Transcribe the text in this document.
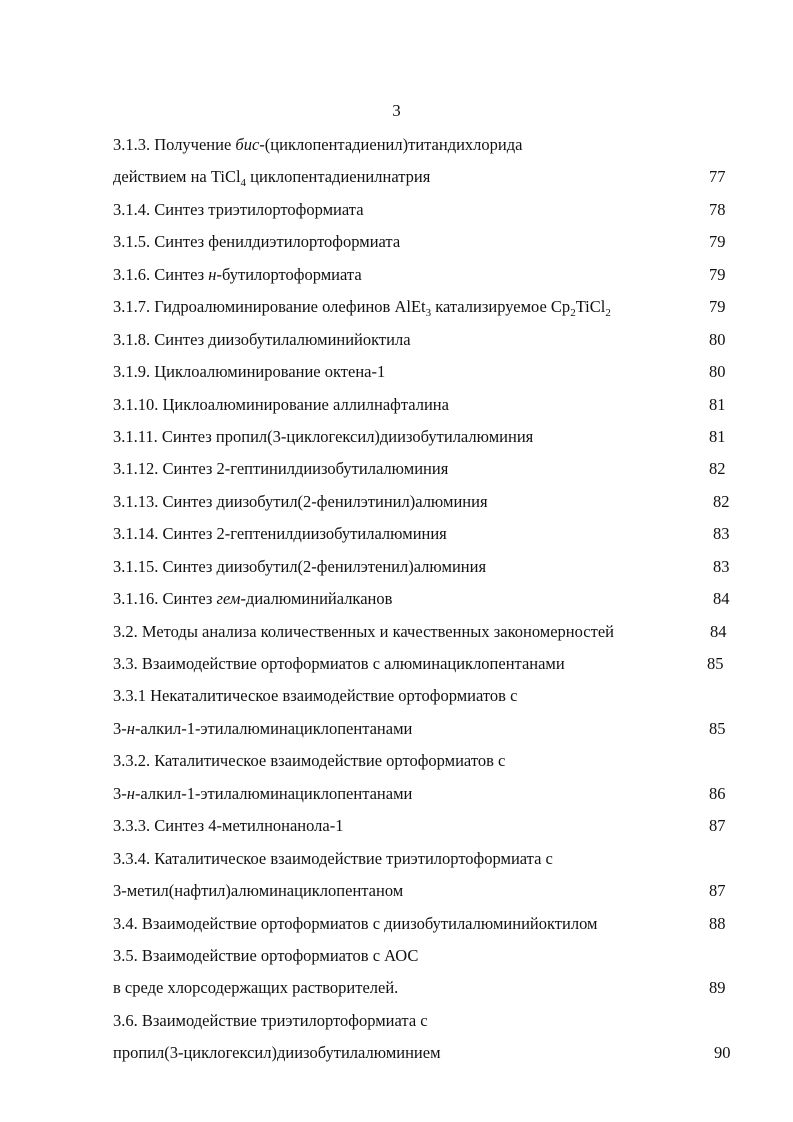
3
3.1.3. Получение бис-(циклопентадиенил)титандихлорида
действием на TiCl$_4$ циклопентадиенилнатрия	77
3.1.4. Синтез триэтилортоформиата	78
3.1.5. Синтез фенилдиэтилортоформиата	79
3.1.6. Синтез н-бутилортоформиата	79
3.1.7. Гидроалюминирование олефинов AlEt$_3$ катализируемое $Cp_2TiCl_2$	79
3.1.8. Синтез диизобутилалюминийоктила	80
3.1.9. Циклоалюминирование октена-1	80
3.1.10. Циклоалюминирование аллилнафталина	81
3.1.11. Синтез пропил(3-циклогексил)диизобутилалюминия	81
3.1.12. Синтез 2-гептинилдиизобутилалюминия	82
3.1.13. Синтез диизобутил(2-фенилэтинил)алюминия	82
3.1.14. Синтез 2-гептенилдиизобутилалюминия	83
3.1.15. Синтез диизобутил(2-фенилэтенил)алюминия	83
3.1.16. Синтез гем-диалюминийалканов	84
3.2. Методы анализа количественных и качественных закономерностей	84
3.3. Взаимодействие ортоформиатов с алюминациклопентанами	85
3.3.1 Некаталитическое взаимодействие ортоформиатов с
3-н-алкил-1-этилалюминациклопентанами	85
3.3.2. Каталитическое взаимодействие ортоформиатов с
3-н-алкил-1-этилалюминациклопентанами	86
3.3.3. Синтез 4-метилнонанола-1	87
3.3.4. Каталитическое взаимодействие триэтилортоформиата с
3-метил(нафтил)алюминациклопентаном	87
3.4. Взаимодействие ортоформиатов с диизобутилалюминийоктилом	88
3.5. Взаимодействие ортоформиатов с АОС
в среде хлорсодержащих растворителей.	89
3.6. Взаимодействие триэтилортоформиата с
пропил(3-циклогексил)диизобутилалюминием	90
